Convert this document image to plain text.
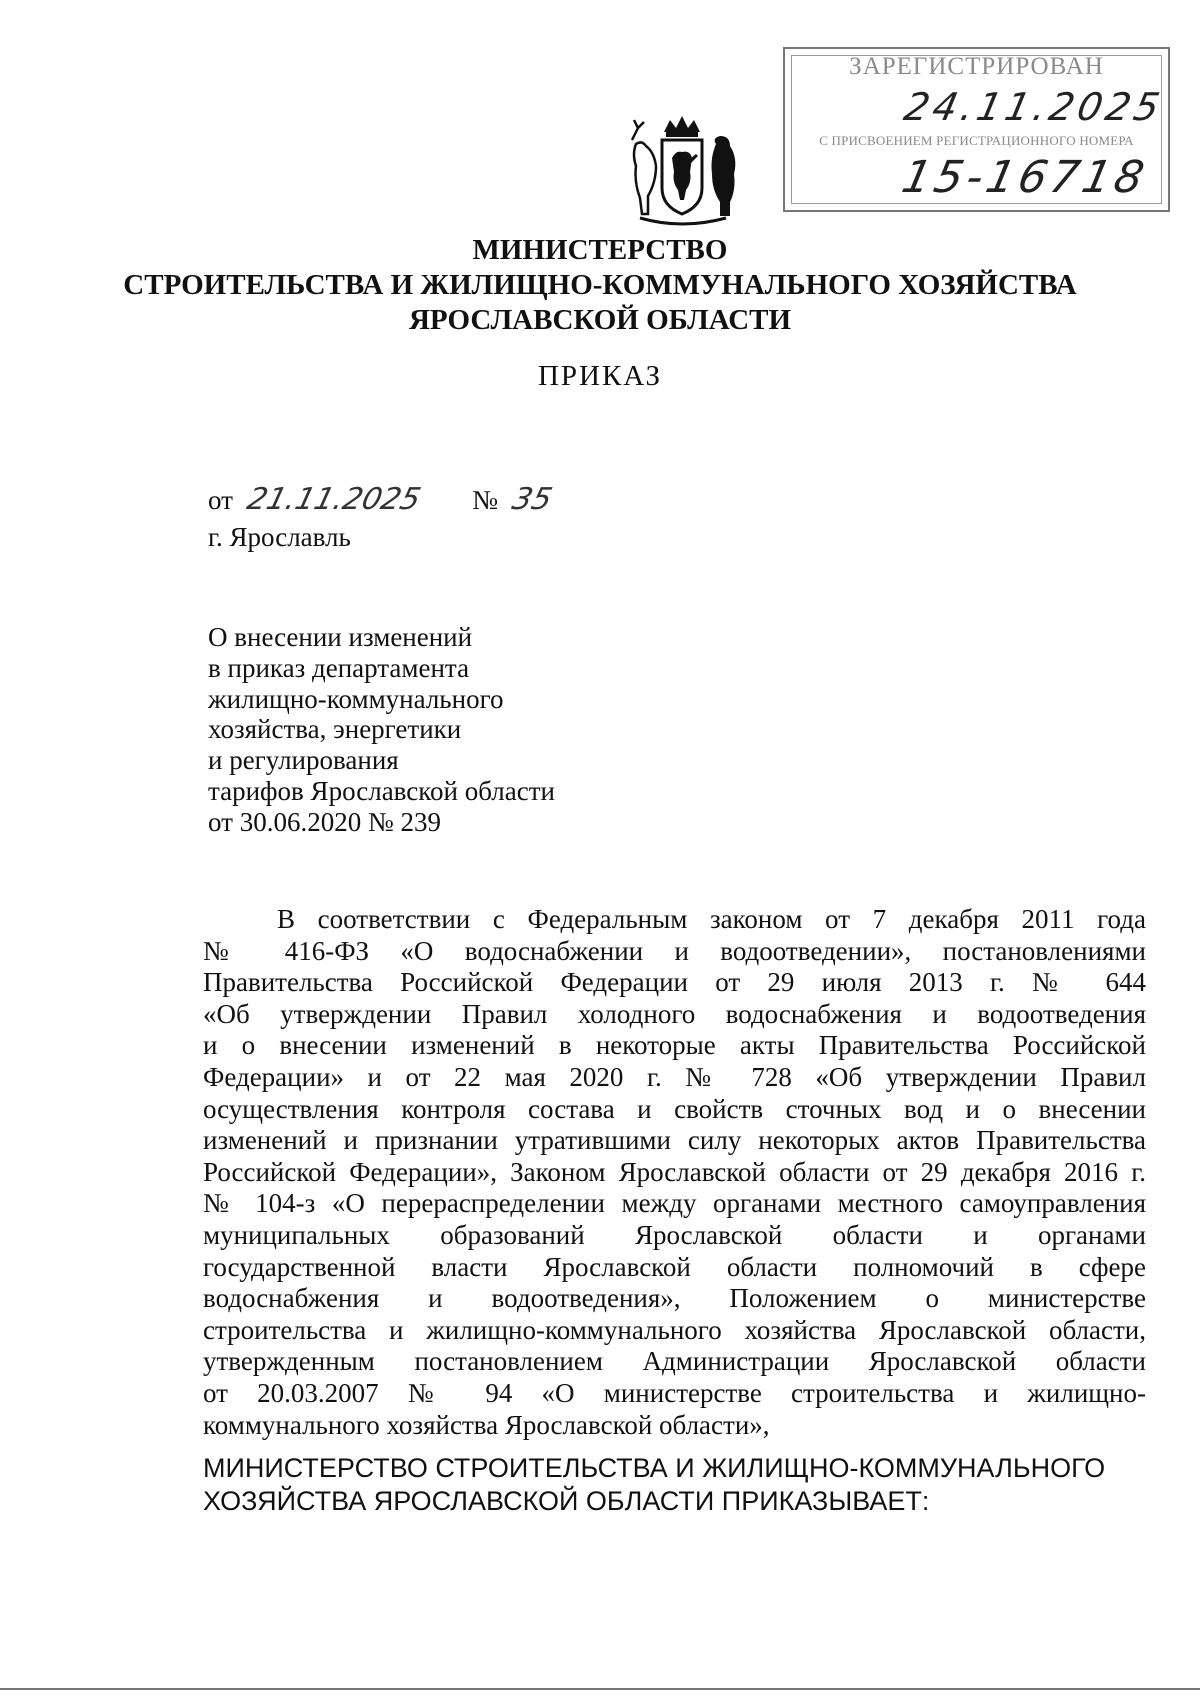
ЗАРЕГИСТРИРОВАН
24.11.2025
С ПРИСВОЕНИЕМ РЕГИСТРАЦИОННОГО НОМЕРА
15-16718
МИНИСТЕРСТВО
СТРОИТЕЛЬСТВА И ЖИЛИЩНО-КОММУНАЛЬНОГО ХОЗЯЙСТВА
ЯРОСЛАВСКОЙ ОБЛАСТИ
ПРИКАЗ
от 21.11.2025 № 35
г. Ярославль
О внесении изменений
в приказ департамента
жилищно-коммунального
хозяйства, энергетики
и регулирования
тарифов Ярославской области
от 30.06.2020 № 239
В соответствии с Федеральным законом от 7 декабря 2011 года
№ 416-ФЗ «О водоснабжении и водоотведении», постановлениями
Правительства Российской Федерации от 29 июля 2013 г. № 644
«Об утверждении Правил холодного водоснабжения и водоотведения
и о внесении изменений в некоторые акты Правительства Российской
Федерации» и от 22 мая 2020 г. № 728 «Об утверждении Правил
осуществления контроля состава и свойств сточных вод и о внесении
изменений и признании утратившими силу некоторых актов Правительства
Российской Федерации», Законом Ярославской области от 29 декабря 2016 г.
№ 104-з «О перераспределении между органами местного самоуправления
муниципальных образований Ярославской области и органами
государственной власти Ярославской области полномочий в сфере
водоснабжения и водоотведения», Положением о министерстве
строительства и жилищно-коммунального хозяйства Ярославской области,
утвержденным постановлением Администрации Ярославской области
от 20.03.2007 № 94 «О министерстве строительства и жилищно-
коммунального хозяйства Ярославской области»,
МИНИСТЕРСТВО СТРОИТЕЛЬСТВА И ЖИЛИЩНО-КОММУНАЛЬНОГО
ХОЗЯЙСТВА ЯРОСЛАВСКОЙ ОБЛАСТИ ПРИКАЗЫВАЕТ:
